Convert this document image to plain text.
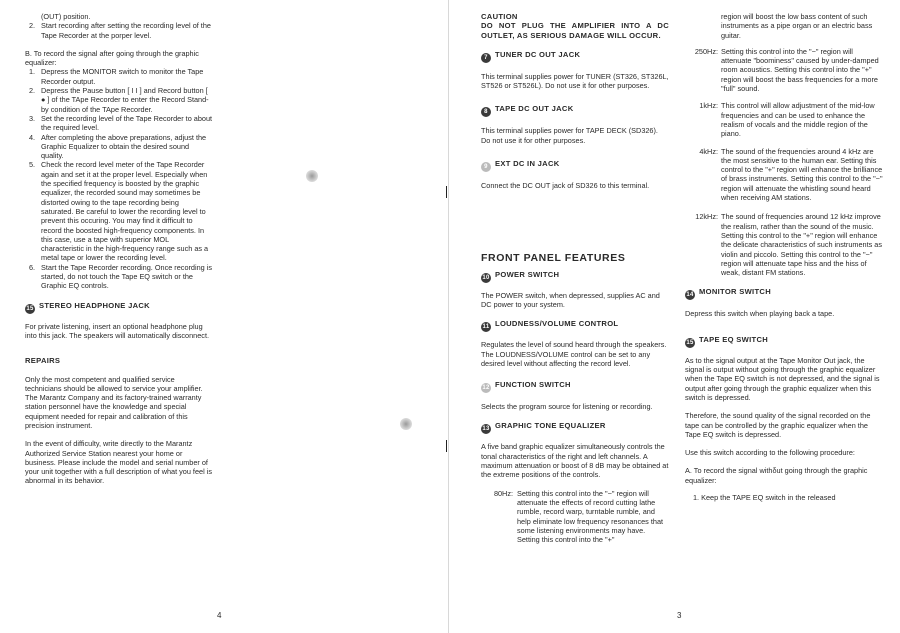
(OUT) position.

2. Start recording after setting the recording level of the Tape Recorder at the porper level.

B. To record the signal after going through the graphic equalizer:

1. Depress the MONITOR switch to monitor the Tape Recorder output.

2. Depress the Pause button [ I I ] and Record button [ ● ] of the TApe Recorder to enter the Record Stand-by condition of the TApe Recorder.

3. Set the recording level of the Tape Recorder to about the required level.

4. After completing the above preparations, adjust the Graphic Equalizer to obtain the desired sound quality.

5. Check the record level meter of the Tape Recorder again and set it at the proper level. Especially when the specified frequency is boosted by the graphic equalizer, the recorded sound may sometimes be distorted owing to the tape recording being saturated. Be careful to lower the recording level to prevent this occuring. You may find it difficult to record the boosted high-frequency components. In this case, use a tape with superior MOL characteristic in the high-frequency range such as a metal tape or lower the recording level.

6. Start the Tape Recorder recording. Once recording is started, do not touch the Tape EQ switch or the Graphic EQ controls.

15 STEREO HEADPHONE JACK

For private listening, insert an optional headphone plug into this jack. The speakers will automatically disconnect.

REPAIRS

Only the most competent and qualified service technicians should be allowed to service your amplifier. The Marantz Company and its factory-trained warranty station personnel have the knowledge and special equipment needed for repair and calibration of this precision instrument.

In the event of difficulty, write directly to the Marantz Authorized Service Station nearest your home or business. Please include the model and serial number of your unit together with a full description of what you feel is abnormal in its behavior.

4

CAUTION

DO NOT PLUG THE AMPLIFIER INTO A DC OUTLET, AS SERIOUS DAMAGE WILL OCCUR.

7 TUNER DC OUT JACK

This terminal supplies power for TUNER (ST326, ST326L, ST526 or ST526L). Do not use it for other purposes.

8 TAPE DC OUT JACK

This terminal supplies power for TAPE DECK (SD326). Do not use it for other purposes.

9 EXT DC IN JACK

Connect the DC OUT jack of SD326 to this terminal.

FRONT PANEL FEATURES

10 POWER SWITCH

The POWER switch, when depressed, supplies AC and DC power to your system.

11 LOUDNESS/VOLUME CONTROL

Regulates the level of sound heard through the speakers. The LOUDNESS/VOLUME control can be set to any desired level without affecting the record level.

12 FUNCTION SWITCH

Selects the program source for listening or recording.

13 GRAPHIC TONE EQUALIZER

A five band graphic equalizer simultaneously controls the tonal characteristics of the right and left channels. A maximum attenuation or boost of 8 dB may be obtained at the extreme positions of the controls.

80Hz: Setting this control into the "−" region will attenuate the effects of record cutting lathe rumble, record warp, turntable rumble, and help eliminate low frequency resonances that some listening environments may have. Setting this control into the "+"

region will boost the low bass content of such instruments as a pipe organ or an electric bass guitar.

250Hz: Setting this control into the "−" region will attenuate "boominess" caused by under-damped room acoustics. Setting this control into the "+" region will boost the bass frequencies for a more "full" sound.

1kHz: This control will allow adjustment of the mid-low frequencies and can be used to enhance the realism of vocals and the middle region of the piano.

4kHz: The sound of the frequencies around 4 kHz are the most sensitive to the human ear. Setting this control to the "+" region will enhance the brilliance of brass instruments. Setting this control to the "−" region will attenuate the whistling sound heard when receiving AM stations.

12kHz: The sound of frequencies around 12 kHz improve the realism, rather than the sound of the music. Setting this control to the "+" region will enhance the delicate characteristics of such instruments as violin and piccolo. Setting this control to the "−" region will attenuate tape hiss and the hiss of weak, distant FM stations.

14 MONITOR SWITCH

Depress this switch when playing back a tape.

15 TAPE EQ SWITCH

As to the signal output at the Tape Monitor Out jack, the signal is output without going through the graphic equalizer when the Tape EQ switch is not depressed, and the signal is output after going through the graphic equalizer when this switch is depressed.

Therefore, the sound quality of the signal recorded on the tape can be controlled by the graphic equalizer when the Tape EQ switch is depressed.

Use this switch according to the following procedure:

A. To record the signal withδut going through the graphic equalizer:

1. Keep the TAPE EQ switch in the released

3
